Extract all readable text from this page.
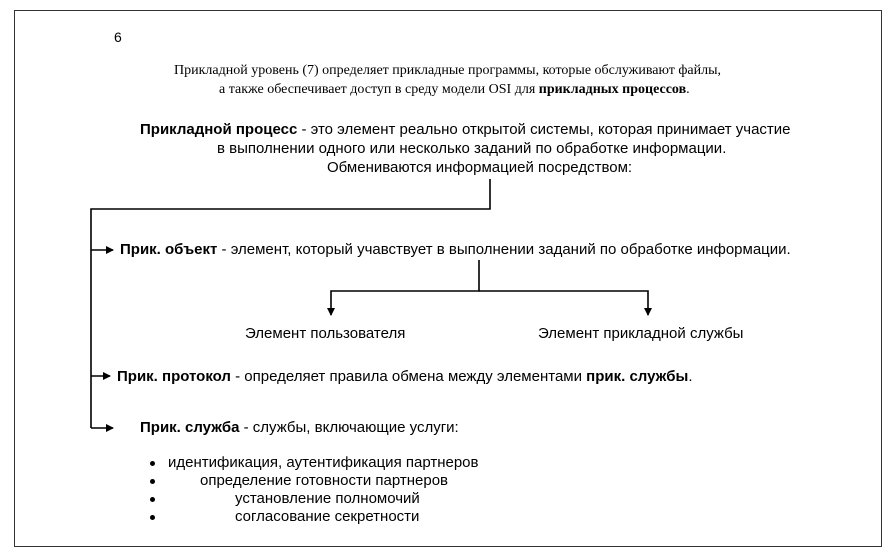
6
Прикладной уровень (7) определяет прикладные программы, которые обслуживают файлы,
а также обеспечивает доступ в среду модели OSI для прикладных процессов.
Прикладной процесс - это элемент реально открытой системы, которая принимает участие
в выполнении одного или несколько заданий по обработке информации.
Обмениваются информацией посредством:
Прик. объект - элемент, который учавствует в выполнении заданий по обработке информации.
Элемент пользователя	Элемент прикладной службы
Прик. протокол - определяет правила обмена между элементами прик. службы.
Прик. служба - службы, включающие услуги:
идентификация, аутентификация партнеров
определение готовности партнеров
установление полномочий
согласование секретности
